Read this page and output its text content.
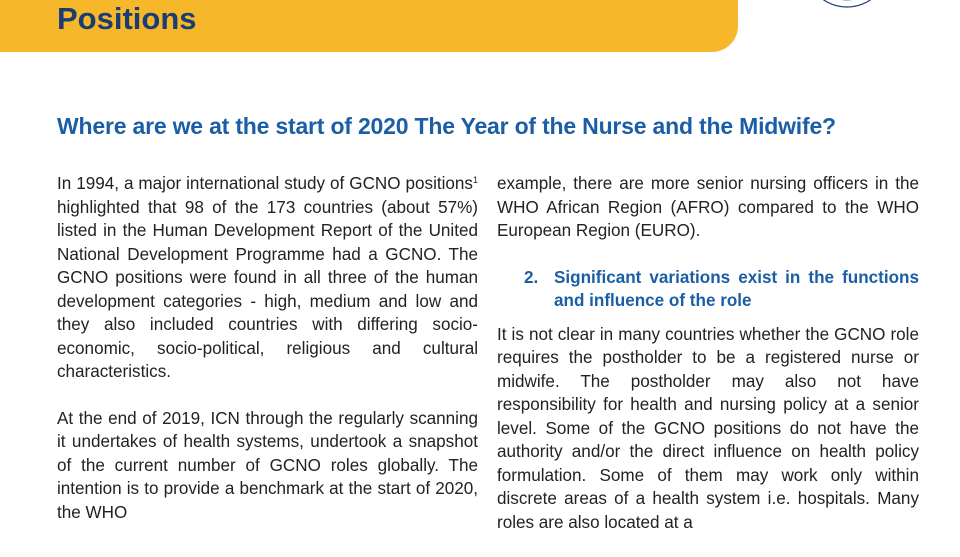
Positions
Where are we at the start of 2020 The Year of the Nurse and the Midwife?

In 1994, a major international study of GCNO positions$^1$ highlighted that 98 of the 173 countries (about 57%) listed in the Human Development Report of the United National Development Programme had a GCNO. The GCNO positions were found in all three of the human development categories - high, medium and low and they also included countries with differing socio-economic, socio-political, religious and cultural characteristics.

At the end of 2019, ICN through the regularly scanning it undertakes of health systems, undertook a snapshot of the current number of GCNO roles globally. The intention is to provide a benchmark at the start of 2020, the WHO

example, there are more senior nursing officers in the WHO African Region (AFRO) compared to the WHO European Region (EURO).

2. Significant variations exist in the functions and influence of the role

It is not clear in many countries whether the GCNO role requires the postholder to be a registered nurse or midwife. The postholder may also not have responsibility for health and nursing policy at a senior level. Some of the GCNO positions do not have the authority and/or the direct influence on health policy formulation. Some of them may work only within discrete areas of a health system i.e. hospitals. Many roles are also located at a
